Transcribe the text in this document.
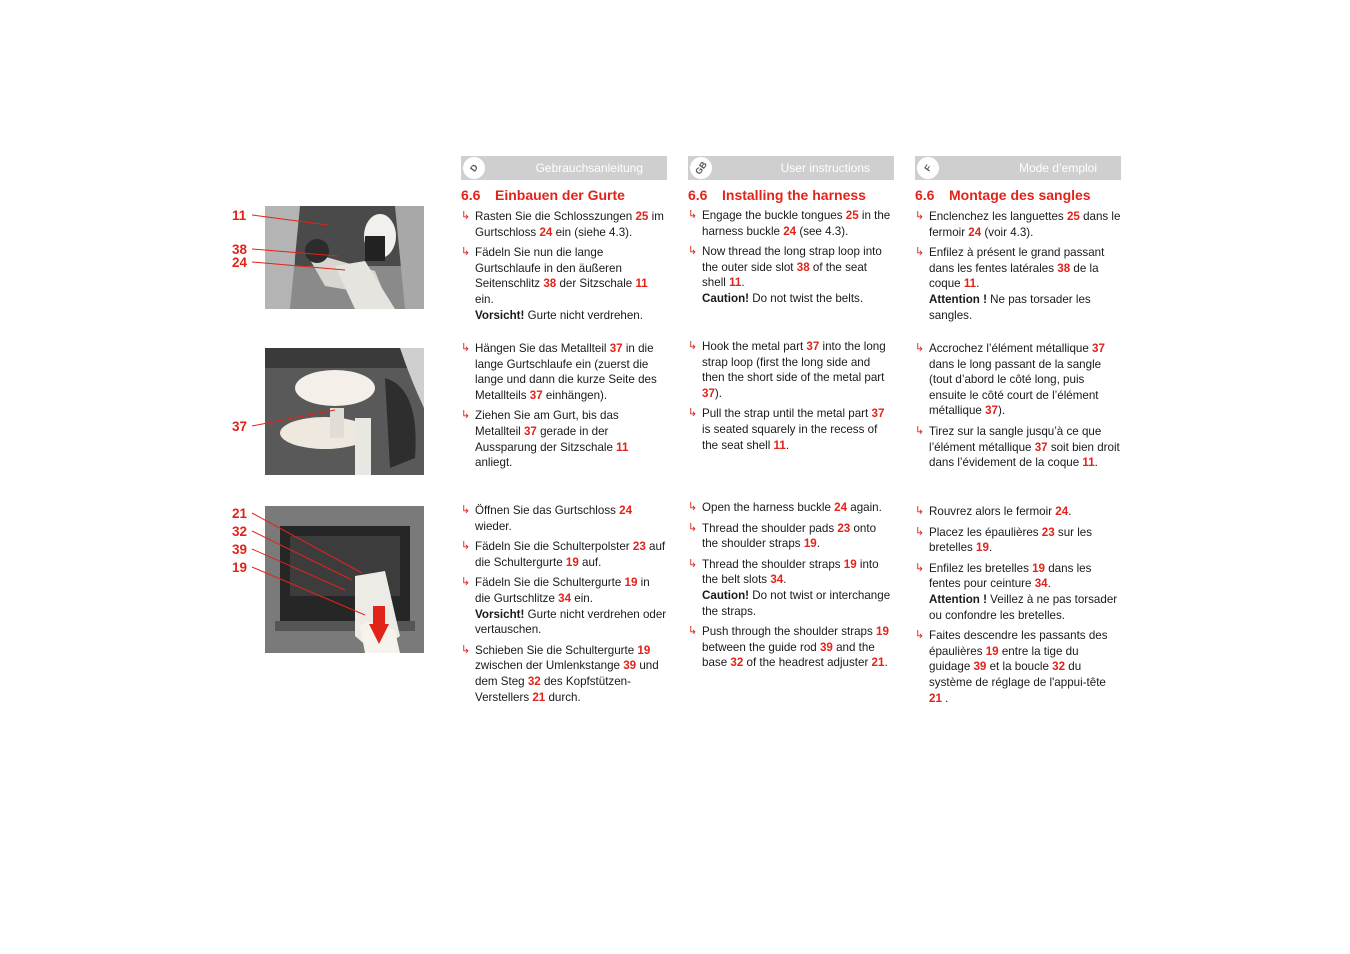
11
38
24
37
21
32
39
19
D	Gebrauchsanleitung
6.6 Einbauen der Gurte
↳ Rasten Sie die Schlosszungen 25 im Gurtschloss 24 ein (siehe 4.3).
↳ Fädeln Sie nun die lange Gurtschlaufe in den äußeren Seitenschlitz 38 der Sitzschale 11 ein.
Vorsicht! Gurte nicht verdrehen.
↳ Hängen Sie das Metallteil 37 in die lange Gurtschlaufe ein (zuerst die lange und dann die kurze Seite des Metallteils 37 einhängen).
↳ Ziehen Sie am Gurt, bis das Metallteil 37 gerade in der Aussparung der Sitzschale 11 anliegt.
↳ Öffnen Sie das Gurtschloss 24 wieder.
↳ Fädeln Sie die Schulterpolster 23 auf die Schultergurte 19 auf.
↳ Fädeln Sie die Schultergurte 19 in die Gurtschlitze 34 ein.
Vorsicht! Gurte nicht verdrehen oder vertauschen.
↳ Schieben Sie die Schultergurte 19 zwischen der Umlenkstange 39 und dem Steg 32 des Kopfstützen-Verstellers 21 durch.
GB	User instructions
6.6 Installing the harness
↳ Engage the buckle tongues 25 in the harness buckle 24 (see 4.3).
↳ Now thread the long strap loop into the outer side slot 38 of the seat shell 11.
Caution! Do not twist the belts.
↳ Hook the metal part 37 into the long strap loop (first the long side and then the short side of the metal part 37).
↳ Pull the strap until the metal part 37 is seated squarely in the recess of the seat shell 11.
↳ Open the harness buckle 24 again.
↳ Thread the shoulder pads 23 onto the shoulder straps 19.
↳ Thread the shoulder straps 19 into the belt slots 34.
Caution! Do not twist or interchange the straps.
↳ Push through the shoulder straps 19 between the guide rod 39 and the base 32 of the headrest adjuster 21.
F	Mode d’emploi
6.6 Montage des sangles
↳ Enclenchez les languettes 25 dans le fermoir 24 (voir 4.3).
↳ Enfilez à présent le grand passant dans les fentes latérales 38 de la coque 11.
Attention ! Ne pas torsader les sangles.
↳ Accrochez l’élément métallique 37 dans le long passant de la sangle (tout d’abord le côté long, puis ensuite le côté court de l’élément métallique 37).
↳ Tirez sur la sangle jusqu’à ce que l’élément métallique 37 soit bien droit dans l’évidement de la coque 11.
↳ Rouvrez alors le fermoir 24.
↳ Placez les épaulières 23 sur les bretelles 19.
↳ Enfilez les bretelles 19 dans les fentes pour ceinture 34.
Attention ! Veillez à ne pas torsader ou confondre les bretelles.
↳ Faites descendre les passants des épaulières 19 entre la tige du guidage 39 et la boucle 32 du système de réglage de l'appui-tête 21 .
